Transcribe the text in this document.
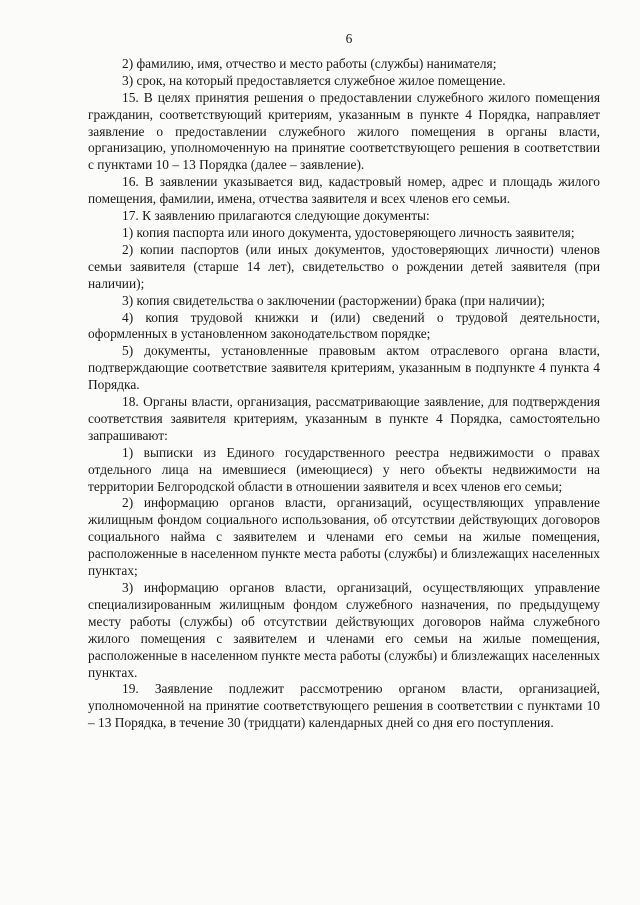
6

2) фамилию, имя, отчество и место работы (службы) нанимателя;

3) срок, на который предоставляется служебное жилое помещение.

15. В целях принятия решения о предоставлении служебного жилого помещения гражданин, соответствующий критериям, указанным в пункте 4 Порядка, направляет заявление о предоставлении служебного жилого помещения в органы власти, организацию, уполномоченную на принятие соответствующего решения в соответствии с пунктами 10 – 13 Порядка (далее – заявление).

16. В заявлении указывается вид, кадастровый номер, адрес и площадь жилого помещения, фамилии, имена, отчества заявителя и всех членов его семьи.

17. К заявлению прилагаются следующие документы:

1) копия паспорта или иного документа, удостоверяющего личность заявителя;

2) копии паспортов (или иных документов, удостоверяющих личности) членов семьи заявителя (старше 14 лет), свидетельство о рождении детей заявителя (при наличии);

3) копия свидетельства о заключении (расторжении) брака (при наличии);

4) копия трудовой книжки и (или) сведений о трудовой деятельности, оформленных в установленном законодательством порядке;

5) документы, установленные правовым актом отраслевого органа власти, подтверждающие соответствие заявителя критериям, указанным в подпункте 4 пункта 4 Порядка.

18. Органы власти, организация, рассматривающие заявление, для подтверждения соответствия заявителя критериям, указанным в пункте 4 Порядка, самостоятельно запрашивают:

1) выписки из Единого государственного реестра недвижимости о правах отдельного лица на имевшиеся (имеющиеся) у него объекты недвижимости на территории Белгородской области в отношении заявителя и всех членов его семьи;

2) информацию органов власти, организаций, осуществляющих управление жилищным фондом социального использования, об отсутствии действующих договоров социального найма с заявителем и членами его семьи на жилые помещения, расположенные в населенном пункте места работы (службы) и близлежащих населенных пунктах;

3) информацию органов власти, организаций, осуществляющих управление специализированным жилищным фондом служебного назначения, по предыдущему месту работы (службы) об отсутствии действующих договоров найма служебного жилого помещения с заявителем и членами его семьи на жилые помещения, расположенные в населенном пункте места работы (службы) и близлежащих населенных пунктах.

19. Заявление подлежит рассмотрению органом власти, организацией, уполномоченной на принятие соответствующего решения в соответствии с пунктами 10 – 13 Порядка, в течение 30 (тридцати) календарных дней со дня его поступления.
